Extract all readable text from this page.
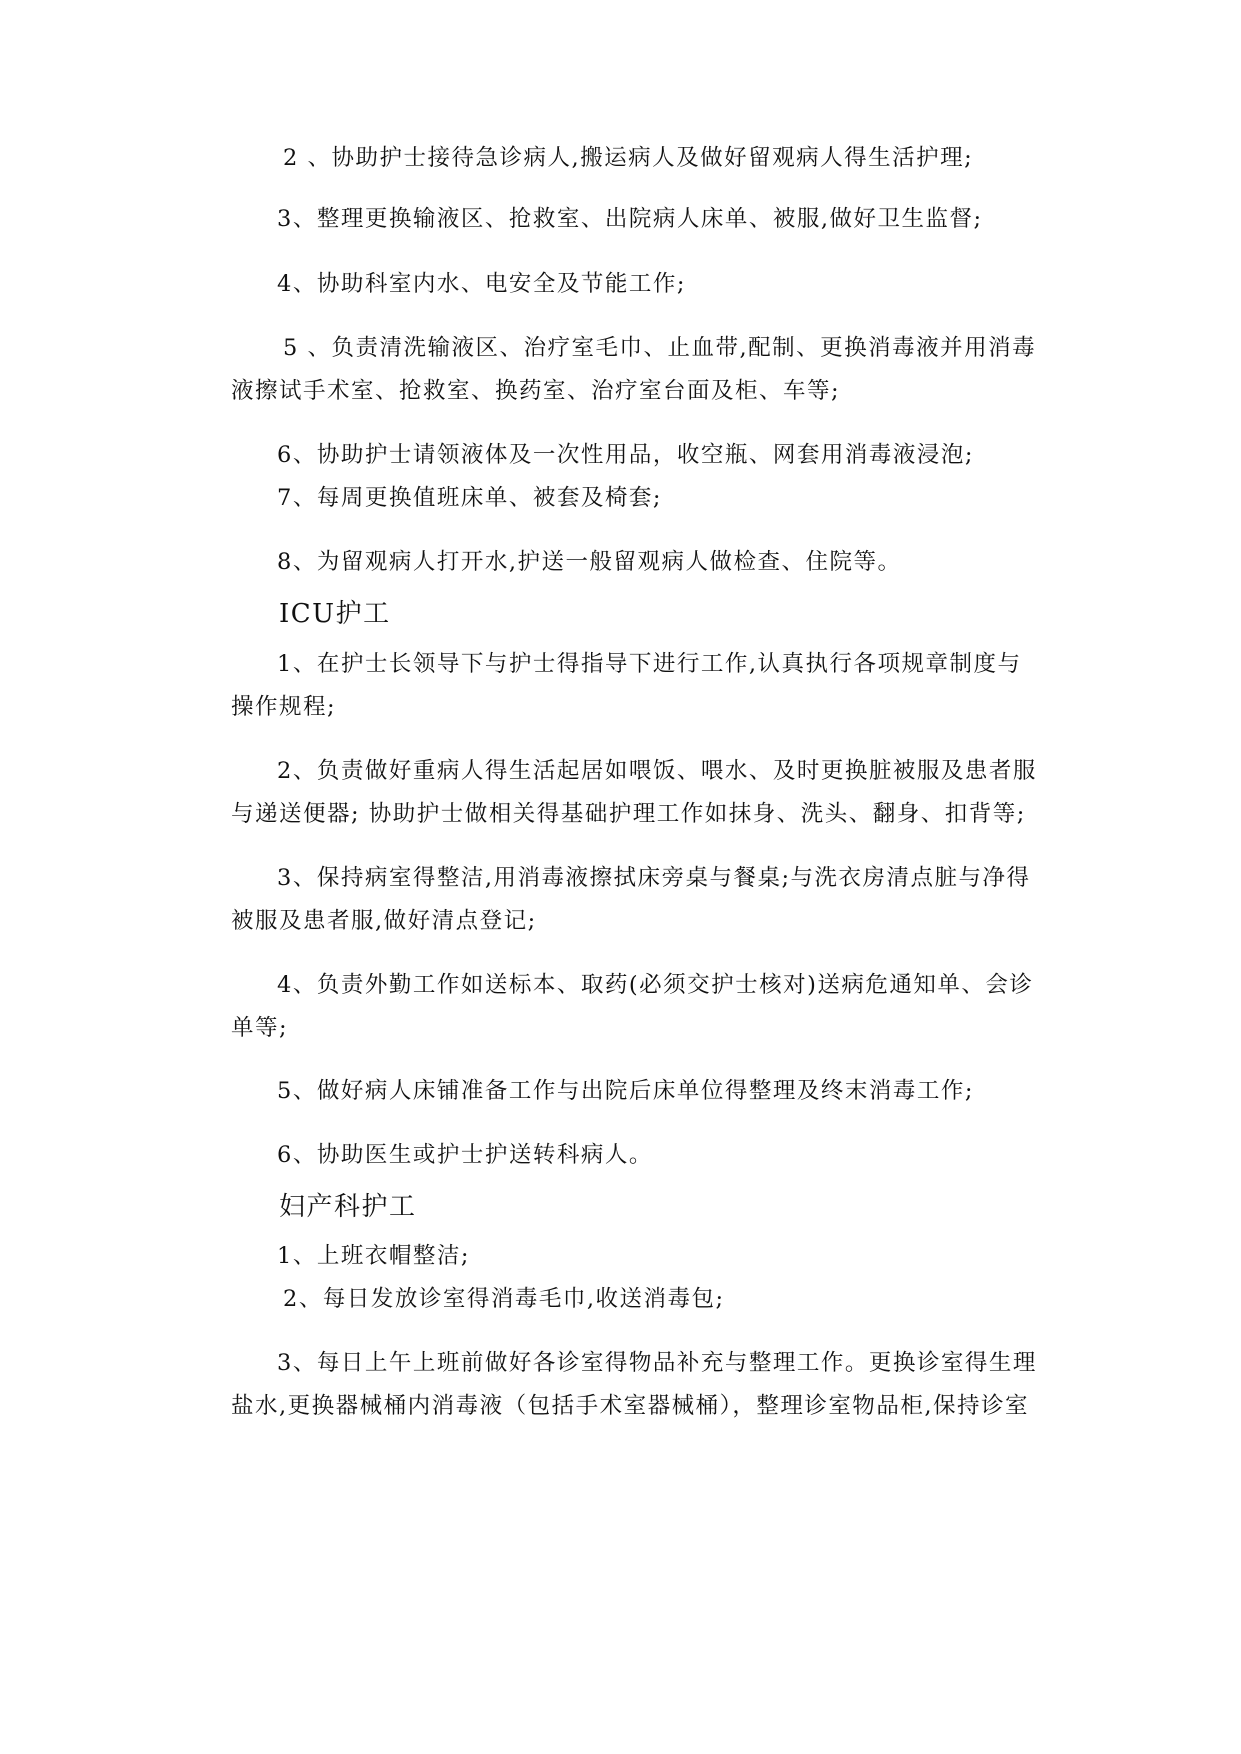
2 、协助护士接待急诊病人,搬运病人及做好留观病人得生活护理;
3、整理更换输液区、抢救室、出院病人床单、被服,做好卫生监督;
4、协助科室内水、电安全及节能工作;
5 、负责清洗输液区、治疗室毛巾、止血带,配制、更换消毒液并用消毒
液擦试手术室、抢救室、换药室、治疗室台面及柜、车等;
6、协助护士请领液体及一次性用品，收空瓶、网套用消毒液浸泡;
7、每周更换值班床单、被套及椅套;
8、为留观病人打开水,护送一般留观病人做检查、住院等。
ICU护工
1、在护士长领导下与护士得指导下进行工作,认真执行各项规章制度与
操作规程;
2、负责做好重病人得生活起居如喂饭、喂水、及时更换脏被服及患者服
与递送便器; 协助护士做相关得基础护理工作如抹身、洗头、翻身、扣背等;
3、保持病室得整洁,用消毒液擦拭床旁桌与餐桌;与洗衣房清点脏与净得
被服及患者服,做好清点登记;
4、负责外勤工作如送标本、取药(必须交护士核对)送病危通知单、会诊
单等;
5、做好病人床铺准备工作与出院后床单位得整理及终末消毒工作;
6、协助医生或护士护送转科病人。
妇产科护工
1、上班衣帽整洁;
2、每日发放诊室得消毒毛巾,收送消毒包;
3、每日上午上班前做好各诊室得物品补充与整理工作。更换诊室得生理
盐水,更换器械桶内消毒液（包括手术室器械桶），整理诊室物品柜,保持诊室
